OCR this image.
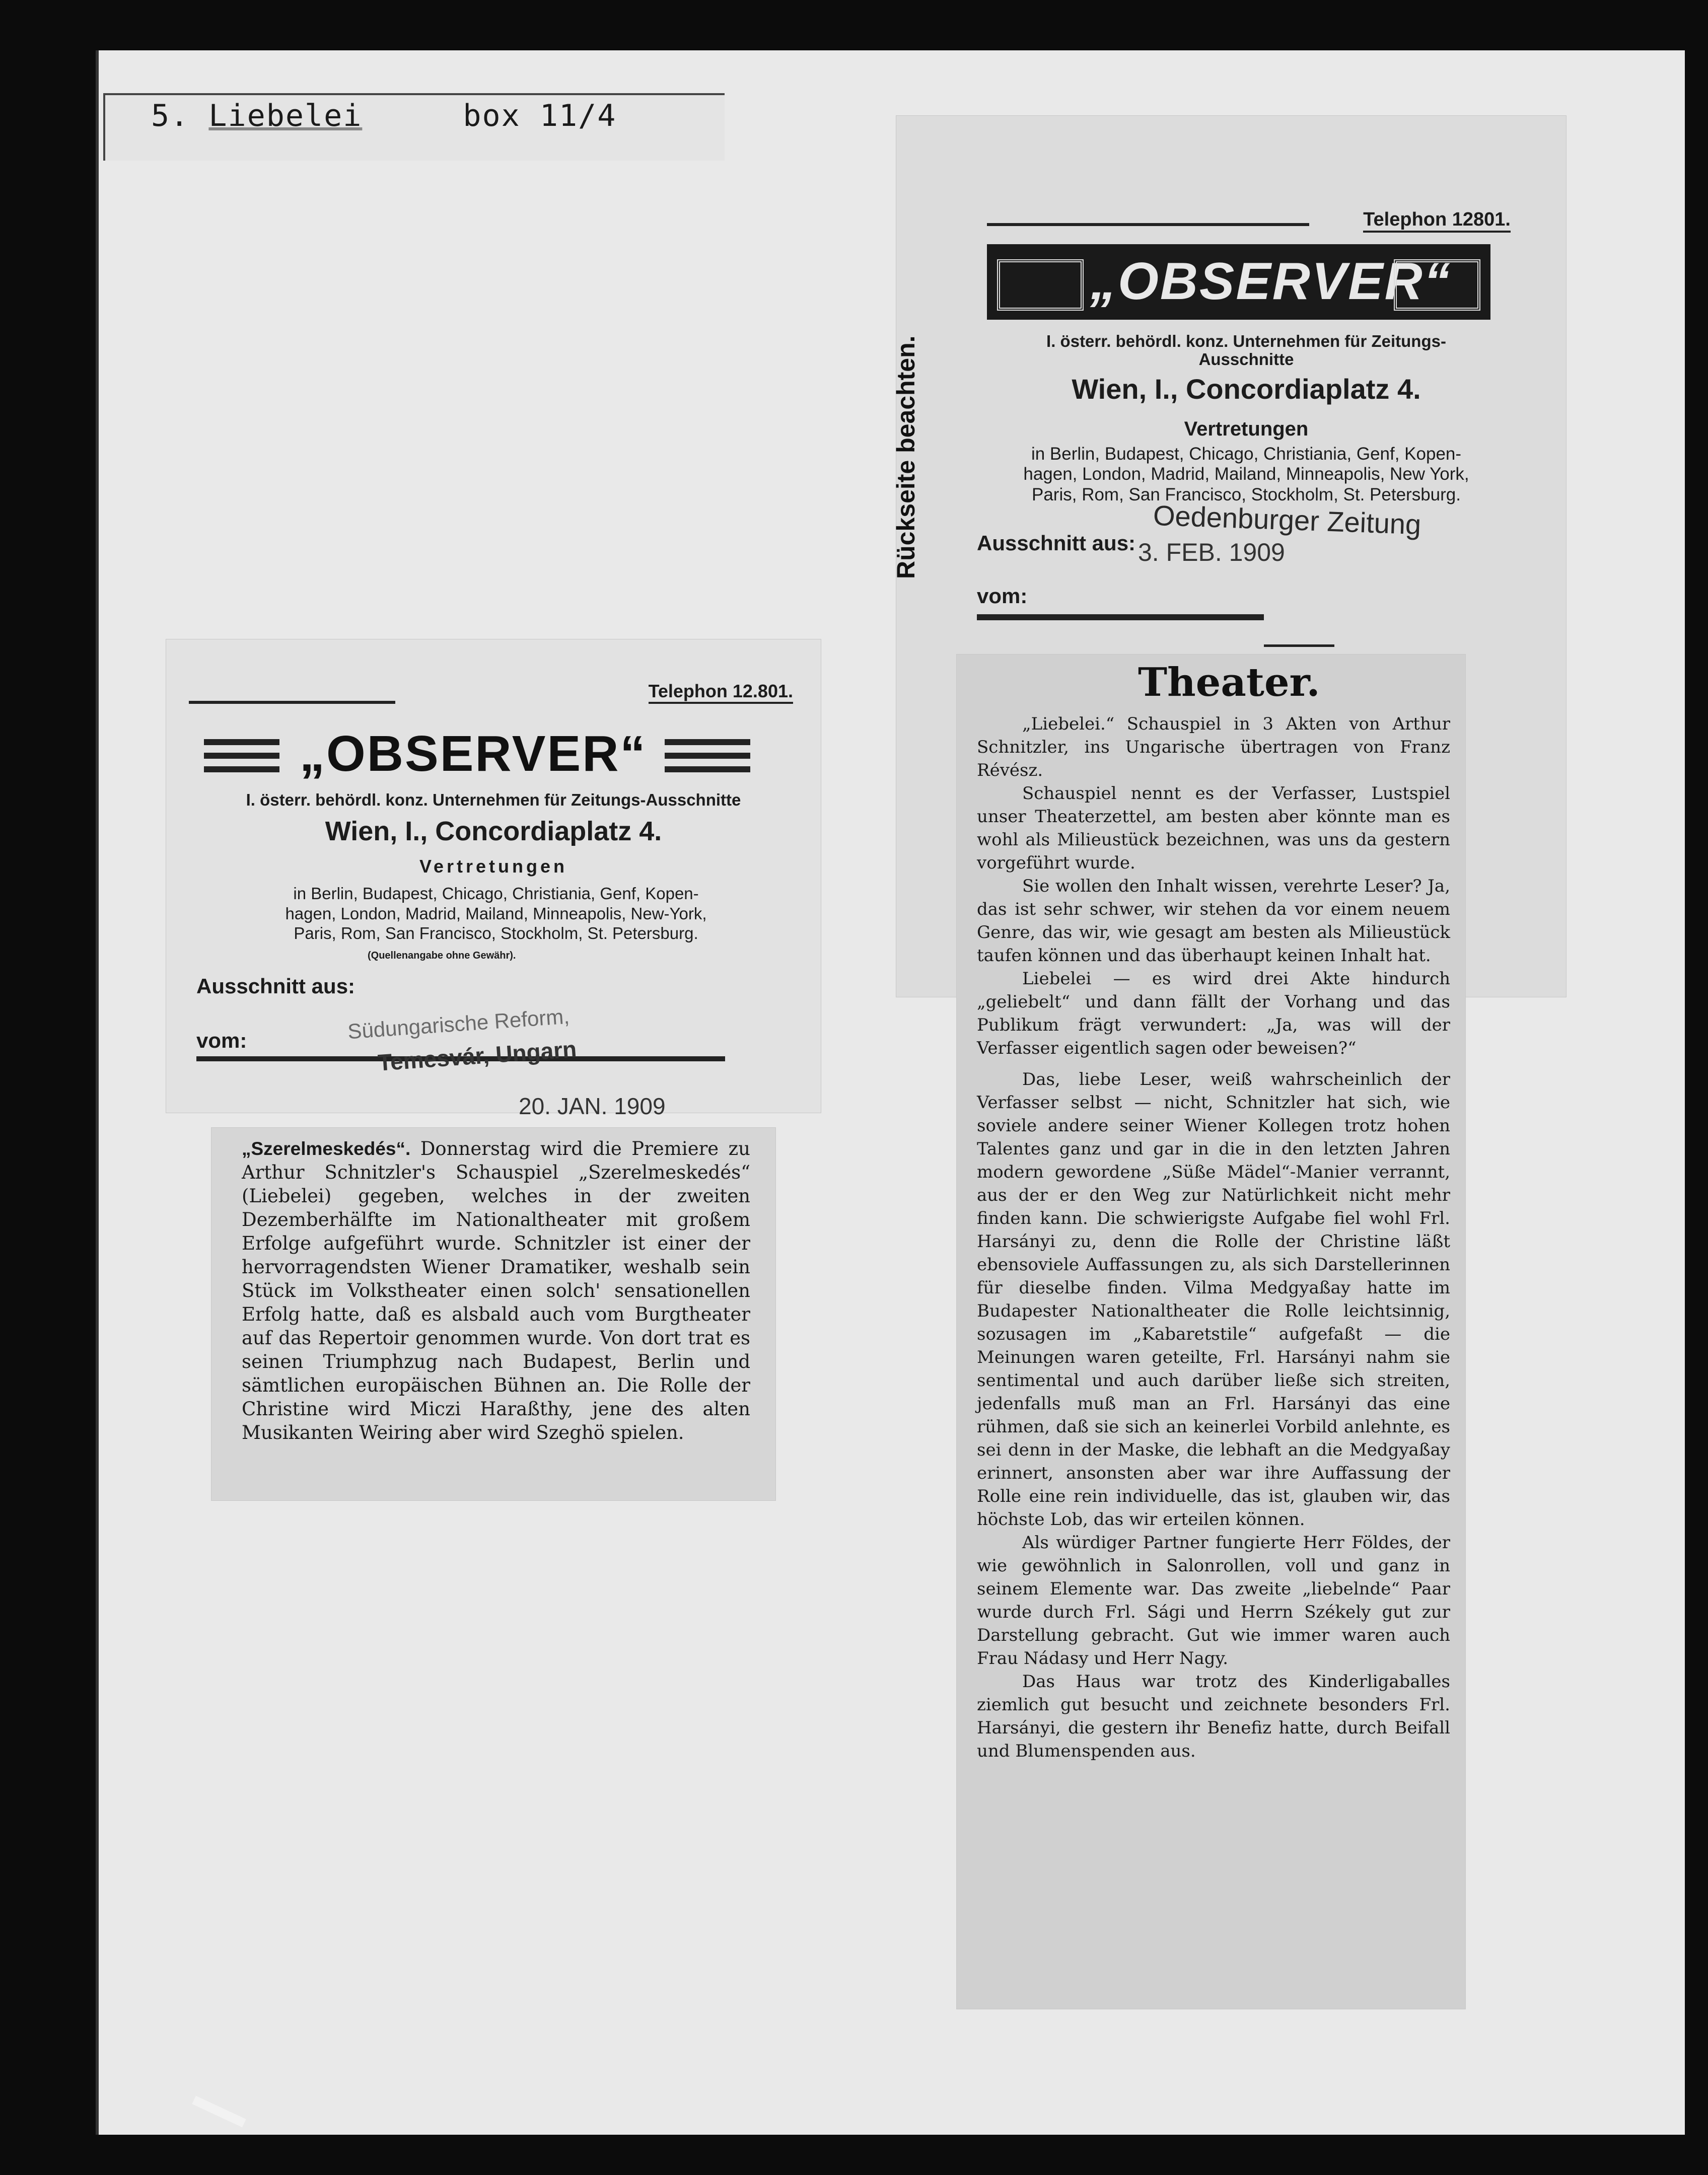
5. Liebelei	box 11/4
Telephon 12.801.
„OBSERVER“
I. österr. behördl. konz. Unternehmen für Zeitungs-Ausschnitte
Wien, I., Concordiaplatz 4.
Vertretungen
in Berlin, Budapest, Chicago, Christiania, Genf, Kopen-
hagen, London, Madrid, Mailand, Minneapolis, New-York,
Paris, Rom, San Francisco, Stockholm, St. Petersburg.
(Quellenangabe ohne Gewähr).
Ausschnitt aus:
vom:	Südungarische Reform,
Temesvár, Ungarn
20. JAN. 1909
„Szerelmeskedés“. Donnerstag wird die Premiere zu Arthur Schnitzler's Schauspiel „Szerelmeskedés“ (Liebelei) gegeben, welches in der zweiten Dezemberhälfte im Nationaltheater mit großem Erfolge aufgeführt wurde. Schnitzler ist einer der hervorragendsten Wiener Dramatiker, weshalb sein Stück im Volkstheater einen solch' sensationellen Erfolg hatte, daß es alsbald auch vom Burgtheater auf das Repertoir genommen wurde. Von dort trat es seinen Triumphzug nach Budapest, Berlin und sämtlichen europäischen Bühnen an. Die Rolle der Christine wird Miczi Haraßthy, jene des alten Musikanten Weiring aber wird Szeghö spielen.
Rückseite beachten.
Telephon 12801.
„OBSERVER“
I. österr. behördl. konz. Unternehmen für Zeitungs-
Ausschnitte
Wien, I., Concordiaplatz 4.
Vertretungen
in Berlin, Budapest, Chicago, Christiania, Genf, Kopen-
hagen, London, Madrid, Mailand, Minneapolis, New York,
Paris, Rom, San Francisco, Stockholm, St. Petersburg.
Ausschnitt aus:
Oedenburger Zeitung
3. FEB. 1909
vom:
Theater.

„Liebelei.“ Schauspiel in 3 Akten von Arthur Schnitzler, ins Ungarische übertragen von Franz Révész.

Schauspiel nennt es der Verfasser, Lustspiel unser Theaterzettel, am besten aber könnte man es wohl als Milieustück bezeichnen, was uns da gestern vorgeführt wurde.

Sie wollen den Inhalt wissen, verehrte Leser? Ja, das ist sehr schwer, wir stehen da vor einem neuem Genre, das wir, wie gesagt am besten als Milieustück taufen können und das überhaupt keinen Inhalt hat.

Liebelei — es wird drei Akte hindurch „geliebelt“ und dann fällt der Vorhang und das Publikum frägt verwundert: „Ja, was will der Verfasser eigentlich sagen oder beweisen?“

Das, liebe Leser, weiß wahrscheinlich der Verfasser selbst — nicht, Schnitzler hat sich, wie soviele andere seiner Wiener Kollegen trotz hohen Talentes ganz und gar in die in den letzten Jahren modern gewordene „Süße Mädel“-Manier verrannt, aus der er den Weg zur Natürlichkeit nicht mehr finden kann. Die schwierigste Aufgabe fiel wohl Frl. Harsányi zu, denn die Rolle der Christine läßt ebensoviele Auffassungen zu, als sich Darstellerinnen für dieselbe finden. Vilma Medgyaßay hatte im Budapester Nationaltheater die Rolle leichtsinnig, sozusagen im „Kabaretstile“ aufgefaßt — die Meinungen waren geteilte, Frl. Harsányi nahm sie sentimental und auch darüber ließe sich streiten, jedenfalls muß man an Frl. Harsányi das eine rühmen, daß sie sich an keinerlei Vorbild anlehnte, es sei denn in der Maske, die lebhaft an die Medgyaßay erinnert, ansonsten aber war ihre Auffassung der Rolle eine rein individuelle, das ist, glauben wir, das höchste Lob, das wir erteilen können.

Als würdiger Partner fungierte Herr Földes, der wie gewöhnlich in Salonrollen, voll und ganz in seinem Elemente war. Das zweite „liebelnde“ Paar wurde durch Frl. Sági und Herrn Székely gut zur Darstellung gebracht. Gut wie immer waren auch Frau Nádasy und Herr Nagy.

Das Haus war trotz des Kinderligaballes ziemlich gut besucht und zeichnete besonders Frl. Harsányi, die gestern ihr Benefiz hatte, durch Beifall und Blumenspenden aus.
